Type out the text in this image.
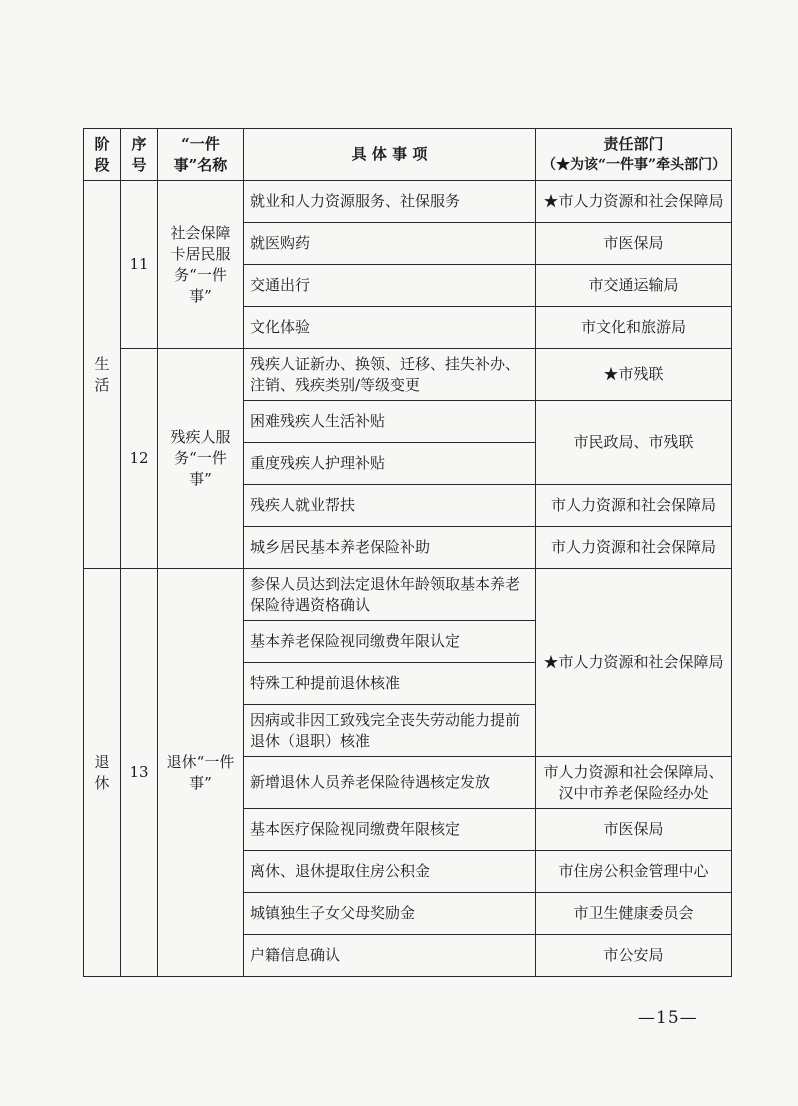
阶段	序号	“一件事”名称	具 体 事 项	责任部门
（★为该“一件事”牵头部门）

生活	11	社会保障卡居民服务“一件事”	就业和人力资源服务、社保服务	★市人力资源和社会保障局
			就医购药	市医保局
			交通出行	市交通运输局
			文化体验	市文化和旅游局
	12	残疾人服务“一件事”	残疾人证新办、换领、迁移、挂失补办、注销、残疾类别/等级变更	★市残联
			困难残疾人生活补贴	市民政局、市残联
			重度残疾人护理补贴	
			残疾人就业帮扶	市人力资源和社会保障局
			城乡居民基本养老保险补助	市人力资源和社会保障局
退休	13	退休“一件事”	参保人员达到法定退休年龄领取基本养老保险待遇资格确认	★市人力资源和社会保障局
			基本养老保险视同缴费年限认定	
			特殊工种提前退休核准	
			因病或非因工致残完全丧失劳动能力提前退休（退职）核准	
			新增退休人员养老保险待遇核定发放	市人力资源和社会保障局、汉中市养老保险经办处
			基本医疗保险视同缴费年限核定	市医保局
			离休、退休提取住房公积金	市住房公积金管理中心
			城镇独生子女父母奖励金	市卫生健康委员会
			户籍信息确认	市公安局
—15—
